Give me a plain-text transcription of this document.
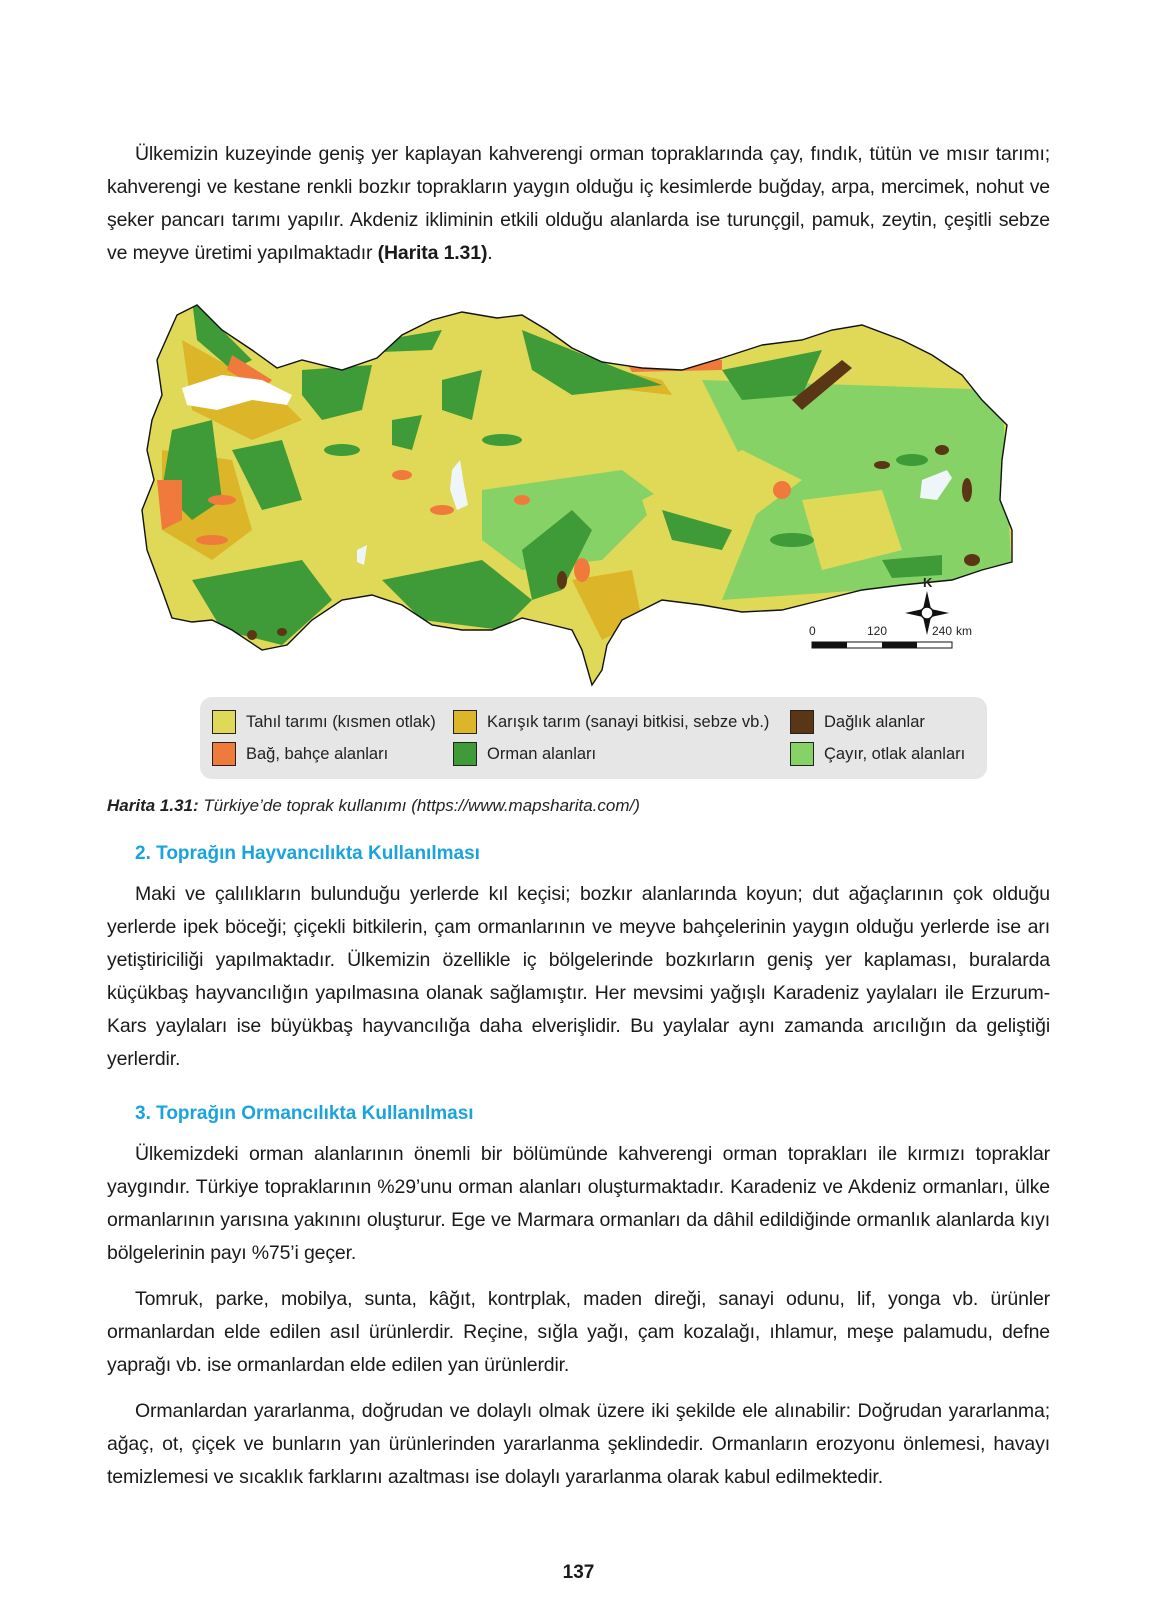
Ülkemizin kuzeyinde geniş yer kaplayan kahverengi orman topraklarında çay, fındık, tütün ve mısır tarımı; kahverengi ve kestane renkli bozkır toprakların yaygın olduğu iç kesimlerde buğday, arpa, mercimek, nohut ve şeker pancarı tarımı yapılır. Akdeniz ikliminin etkili olduğu alanlarda ise turunçgil, pamuk, zeytin, çeşitli sebze ve meyve üretimi yapılmaktadır (Harita 1.31).

K
0	120	240 km
Tahıl tarımı (kısmen otlak)	Karışık tarım (sanayi bitkisi, sebze vb.)	Dağlık alanlar
Bağ, bahçe alanları	Orman alanları	Çayır, otlak alanları
Harita 1.31: Türkiye’de toprak kullanımı (https://www.mapsharita.com/)
2. Toprağın Hayvancılıkta Kullanılması

Maki ve çalılıkların bulunduğu yerlerde kıl keçisi; bozkır alanlarında koyun; dut ağaçlarının çok olduğu yerlerde ipek böceği; çiçekli bitkilerin, çam ormanlarının ve meyve bahçelerinin yaygın olduğu yerlerde ise arı yetiştiriciliği yapılmaktadır. Ülkemizin özellikle iç bölgelerinde bozkırların geniş yer kaplaması, buralarda küçükbaş hayvancılığın yapılmasına olanak sağlamıştır. Her mevsimi yağışlı Karadeniz yaylaları ile Erzurum-Kars yaylaları ise büyükbaş hayvancılığa daha elverişlidir. Bu yaylalar aynı zamanda arıcılığın da geliştiği yerlerdir.

3. Toprağın Ormancılıkta Kullanılması

Ülkemizdeki orman alanlarının önemli bir bölümünde kahverengi orman toprakları ile kırmızı topraklar yaygındır. Türkiye topraklarının %29’unu orman alanları oluşturmaktadır. Karadeniz ve Akdeniz ormanları, ülke ormanlarının yarısına yakınını oluşturur. Ege ve Marmara ormanları da dâhil edildiğinde ormanlık alanlarda kıyı bölgelerinin payı %75’i geçer.

Tomruk, parke, mobilya, sunta, kâğıt, kontrplak, maden direği, sanayi odunu, lif, yonga vb. ürünler ormanlardan elde edilen asıl ürünlerdir. Reçine, sığla yağı, çam kozalağı, ıhlamur, meşe palamudu, defne yaprağı vb. ise ormanlardan elde edilen yan ürünlerdir.

Ormanlardan yararlanma, doğrudan ve dolaylı olmak üzere iki şekilde ele alınabilir: Doğrudan yararlanma; ağaç, ot, çiçek ve bunların yan ürünlerinden yararlanma şeklindedir. Ormanların erozyonu önlemesi, havayı temizlemesi ve sıcaklık farklarını azaltması ise dolaylı yararlanma olarak kabul edilmektedir.

137
